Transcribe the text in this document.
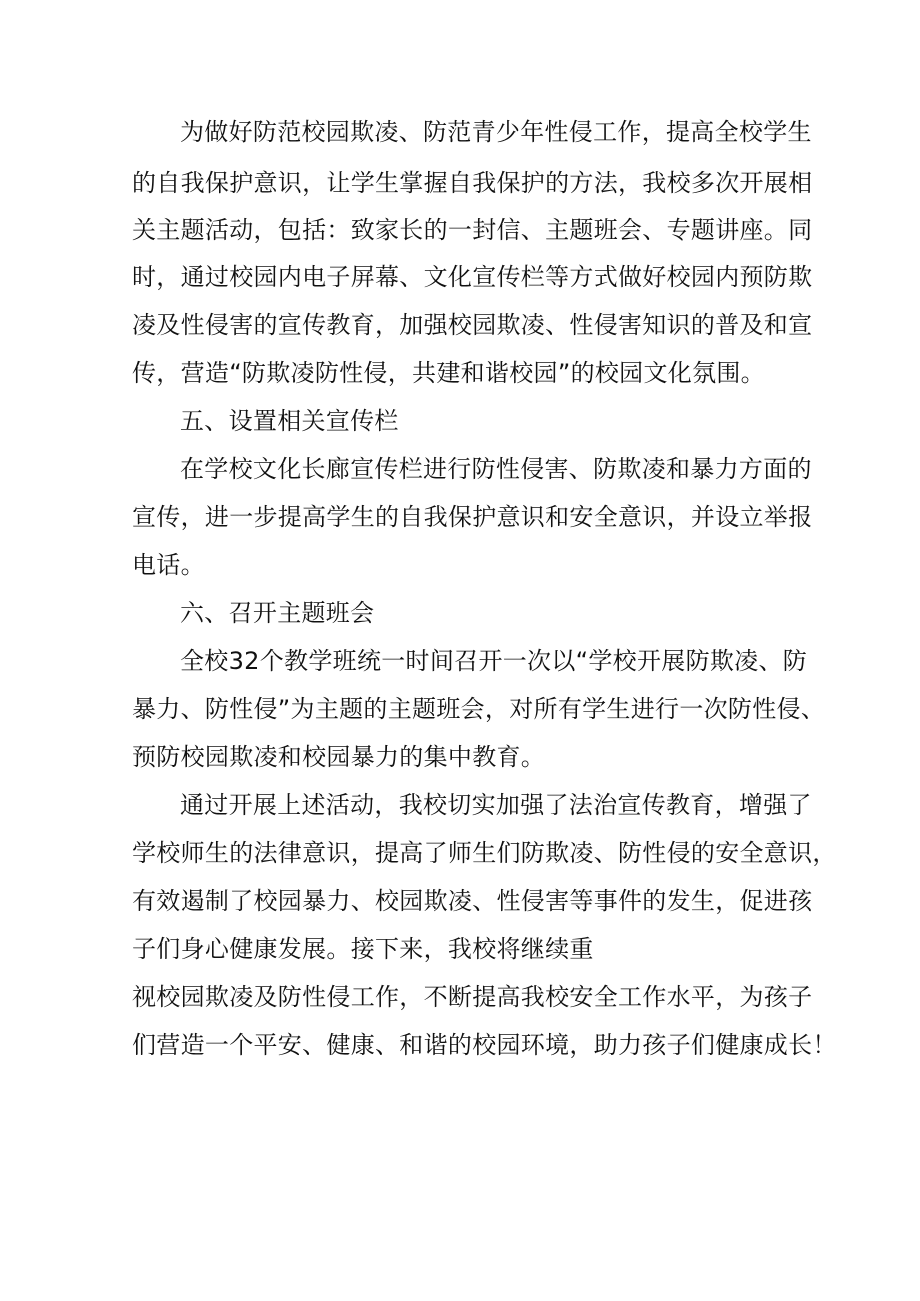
为做好防范校园欺凌、防范青少年性侵工作，提高全校学生
的自我保护意识，让学生掌握自我保护的方法，我校多次开展相
关主题活动，包括：致家长的一封信、主题班会、专题讲座。同
时，通过校园内电子屏幕、文化宣传栏等方式做好校园内预防欺
凌及性侵害的宣传教育，加强校园欺凌、性侵害知识的普及和宣
传，营造“防欺凌防性侵，共建和谐校园”的校园文化氛围。
五、设置相关宣传栏
在学校文化长廊宣传栏进行防性侵害、防欺凌和暴力方面的
宣传，进一步提高学生的自我保护意识和安全意识，并设立举报
电话。
六、召开主题班会
全校32个教学班统一时间召开一次以“学校开展防欺凌、防
暴力、防性侵”为主题的主题班会，对所有学生进行一次防性侵、
预防校园欺凌和校园暴力的集中教育。
通过开展上述活动，我校切实加强了法治宣传教育，增强了
学校师生的法律意识，提高了师生们防欺凌、防性侵的安全意识，
有效遏制了校园暴力、校园欺凌、性侵害等事件的发生，促进孩
子们身心健康发展。接下来，我校将继续重
视校园欺凌及防性侵工作，不断提高我校安全工作水平，为孩子
们营造一个平安、健康、和谐的校园环境，助力孩子们健康成长！
